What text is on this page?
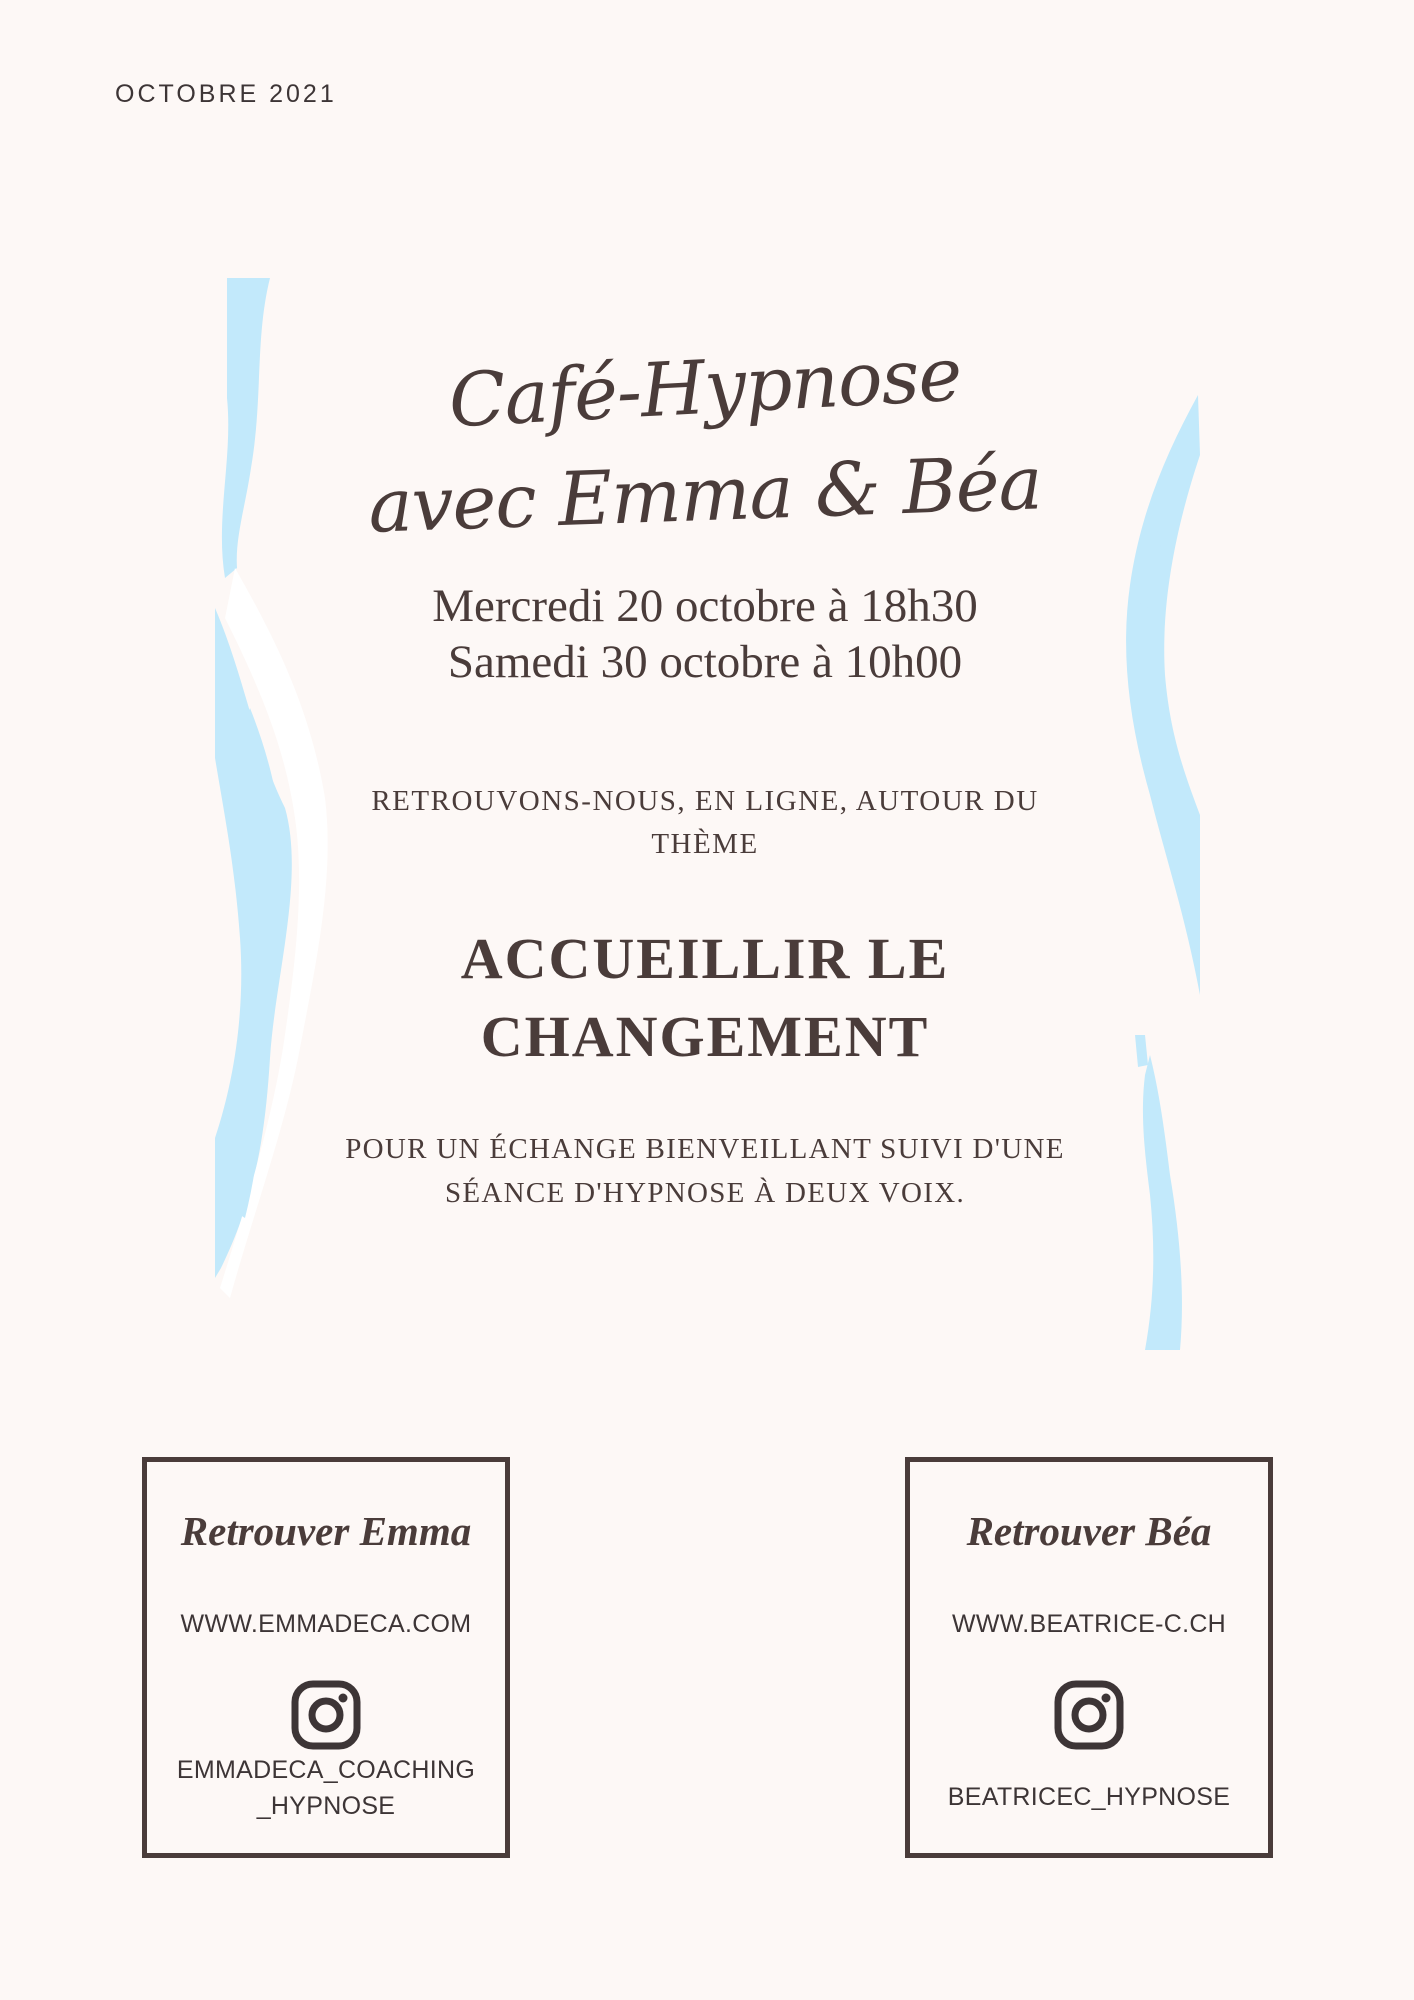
OCTOBRE 2021
Café-Hypnose
avec Emma & Béa
Mercredi 20 octobre à 18h30
Samedi 30 octobre à 10h00
RETROUVONS-NOUS, EN LIGNE, AUTOUR DU THÈME
ACCUEILLIR LE CHANGEMENT
POUR UN ÉCHANGE BIENVEILLANT SUIVI D'UNE SÉANCE D'HYPNOSE À DEUX VOIX.
Retrouver Emma
WWW.EMMADECA.COM
EMMADECA_COACHING _HYPNOSE
Retrouver Béa
WWW.BEATRICE-C.CH
BEATRICEC_HYPNOSE
